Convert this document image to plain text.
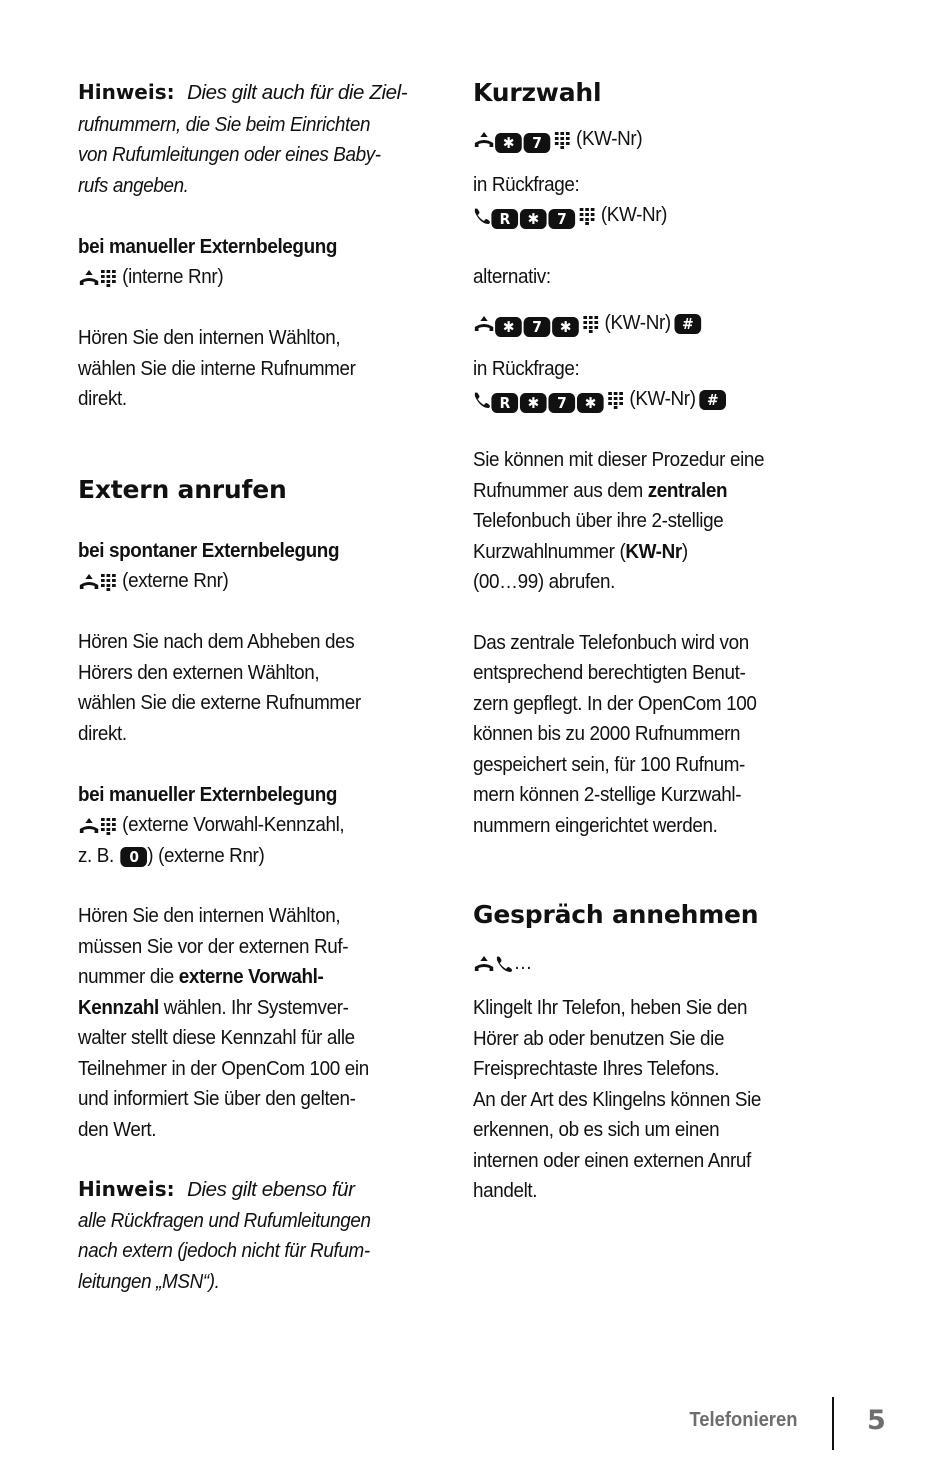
Hinweis: Dies gilt auch für die Ziel-
rufnummern, die Sie beim Einrichten
von Rufumleitungen oder eines Baby-
rufs angeben.
bei manueller Externbelegung
(interne Rnr)
Hören Sie den internen Wählton,
wählen Sie die interne Rufnummer
direkt.
Extern anrufen
bei spontaner Externbelegung
(externe Rnr)
Hören Sie nach dem Abheben des
Hörers den externen Wählton,
wählen Sie die externe Rufnummer
direkt.
bei manueller Externbelegung
(externe Vorwahl-Kennzahl,
z. B. 0 ) (externe Rnr)
Hören Sie den internen Wählton,
müssen Sie vor der externen Ruf-
nummer die externe Vorwahl-
Kennzahl wählen. Ihr Systemver-
walter stellt diese Kennzahl für alle
Teilnehmer in der OpenCom 100 ein
und informiert Sie über den gelten-
den Wert.
Hinweis: Dies gilt ebenso für
alle Rückfragen und Rufumleitungen
nach extern (jedoch nicht für Rufum-
leitungen „MSN“).
Kurzwahl
✱	7	(KW-Nr)
in Rückfrage:
R	✱	7	(KW-Nr)
alternativ:
✱	7	✱	(KW-Nr) #
in Rückfrage:
R	✱	7	✱	(KW-Nr) #
Sie können mit dieser Prozedur eine
Rufnummer aus dem zentralen
Telefonbuch über ihre 2-stellige
Kurzwahlnummer (KW-Nr)
(00…99) abrufen.
Das zentrale Telefonbuch wird von
entsprechend berechtigten Benut-
zern gepflegt. In der OpenCom 100
können bis zu 2000 Rufnummern
gespeichert sein, für 100 Rufnum-
mern können 2-stellige Kurzwahl-
nummern eingerichtet werden.
Gespräch annehmen
…
Klingelt Ihr Telefon, heben Sie den
Hörer ab oder benutzen Sie die
Freisprechtaste Ihres Telefons.
An der Art des Klingelns können Sie
erkennen, ob es sich um einen
internen oder einen externen Anruf
handelt.
Telefonieren	5
